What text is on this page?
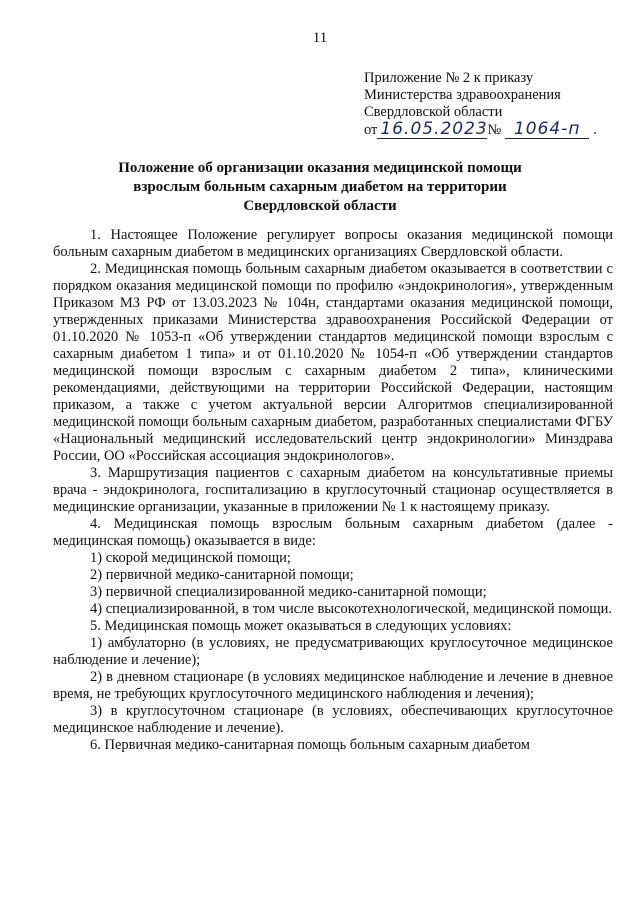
11
Приложение № 2 к приказу
Министерства здравоохранения
Свердловской области
от 16.05.2023 № 1064-п .
Положение об организации оказания медицинской помощи
взрослым больным сахарным диабетом на территории
Свердловской области

1. Настоящее Положение регулирует вопросы оказания медицинской помощи больным сахарным диабетом в медицинских организациях Свердловской области.

2. Медицинская помощь больным сахарным диабетом оказывается в соответствии с порядком оказания медицинской помощи по профилю «эндокринология», утвержденным Приказом МЗ РФ от 13.03.2023 № 104н, стандартами оказания медицинской помощи, утвержденных приказами Министерства здравоохранения Российской Федерации от 01.10.2020 № 1053-п «Об утверждении стандартов медицинской помощи взрослым с сахарным диабетом 1 типа» и от 01.10.2020 № 1054-п «Об утверждении стандартов медицинской помощи взрослым с сахарным диабетом 2 типа», клиническими рекомендациями, действующими на территории Российской Федерации, настоящим приказом, а также с учетом актуальной версии Алгоритмов специализированной медицинской помощи больным сахарным диабетом, разработанных специалистами ФГБУ «Национальный медицинский исследовательский центр эндокринологии» Минздрава России, ОО «Российская ассоциация эндокринологов».

3. Маршрутизация пациентов с сахарным диабетом на консультативные приемы врача - эндокринолога, госпитализацию в круглосуточный стационар осуществляется в медицинские организации, указанные в приложении № 1 к настоящему приказу.

4. Медицинская помощь взрослым больным сахарным диабетом (далее - медицинская помощь) оказывается в виде:

1) скорой медицинской помощи;

2) первичной медико-санитарной помощи;

3) первичной специализированной медико-санитарной помощи;

4) специализированной, в том числе высокотехнологической, медицинской помощи.

5. Медицинская помощь может оказываться в следующих условиях:

1) амбулаторно (в условиях, не предусматривающих круглосуточное медицинское наблюдение и лечение);

2) в дневном стационаре (в условиях медицинское наблюдение и лечение в дневное время, не требующих круглосуточного медицинского наблюдения и лечения);

3) в круглосуточном стационаре (в условиях, обеспечивающих круглосуточное медицинское наблюдение и лечение).

6. Первичная медико-санитарная помощь больным сахарным диабетом
